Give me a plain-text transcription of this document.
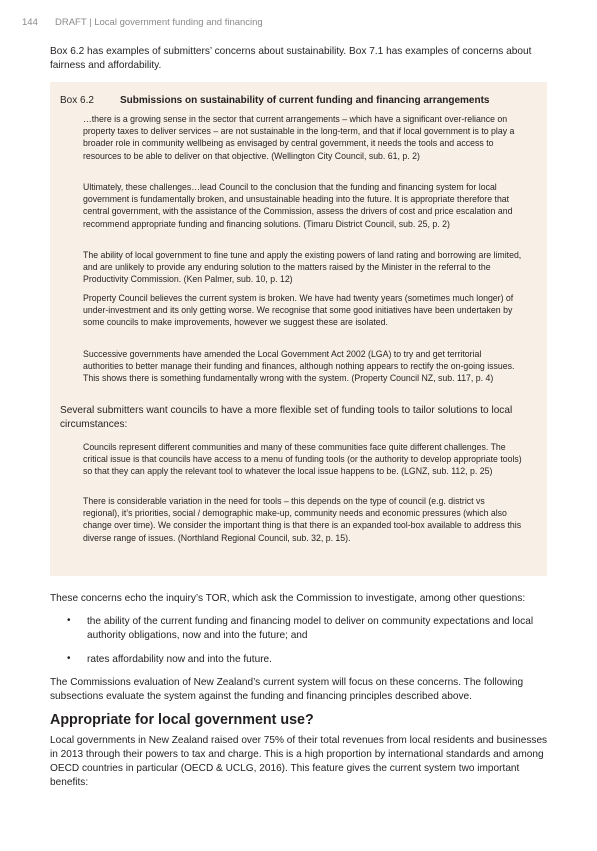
144 DRAFT | Local government funding and financing

Box 6.2 has examples of submitters’ concerns about sustainability. Box 7.1 has examples of concerns about fairness and affordability.

Box 6.2	Submissions on sustainability of current funding and financing arrangements

…there is a growing sense in the sector that current arrangements – which have a significant over-reliance on property taxes to deliver services – are not sustainable in the long-term, and that if local government is to play a broader role in community wellbeing as envisaged by central government, it needs the tools and access to resources to be able to deliver on that objective. (Wellington City Council, sub. 61, p. 2)

Ultimately, these challenges…lead Council to the conclusion that the funding and financing system for local government is fundamentally broken, and unsustainable heading into the future. It is appropriate therefore that central government, with the assistance of the Commission, assess the drivers of cost and price escalation and recommend appropriate funding and financing solutions. (Timaru District Council, sub. 25, p. 2)

The ability of local government to fine tune and apply the existing powers of land rating and borrowing are limited, and are unlikely to provide any enduring solution to the matters raised by the Minister in the referral to the Productivity Commission. (Ken Palmer, sub. 10, p. 12)

Property Council believes the current system is broken. We have had twenty years (sometimes much longer) of under-investment and its only getting worse. We recognise that some good initiatives have been undertaken by some councils to make improvements, however we suggest these are isolated.

Successive governments have amended the Local Government Act 2002 (LGA) to try and get territorial authorities to better manage their funding and finances, although nothing appears to rectify the on-going issues. This shows there is something fundamentally wrong with the system. (Property Council NZ, sub. 117, p. 4)

Several submitters want councils to have a more flexible set of funding tools to tailor solutions to local circumstances:

Councils represent different communities and many of these communities face quite different challenges. The critical issue is that councils have access to a menu of funding tools (or the authority to develop appropriate tools) so that they can apply the relevant tool to whatever the local issue happens to be. (LGNZ, sub. 112, p. 25)

There is considerable variation in the need for tools – this depends on the type of council (e.g. district vs regional), it’s priorities, social / demographic make-up, community needs and economic pressures (which also change over time). We consider the important thing is that there is an expanded tool-box available to address this diverse range of issues. (Northland Regional Council, sub. 32, p. 15).

These concerns echo the inquiry’s TOR, which ask the Commission to investigate, among other questions:

• the ability of the current funding and financing model to deliver on community expectations and local authority obligations, now and into the future; and

• rates affordability now and into the future.

The Commissions evaluation of New Zealand’s current system will focus on these concerns. The following subsections evaluate the system against the funding and financing principles described above.

Appropriate for local government use?

Local governments in New Zealand raised over 75% of their total revenues from local residents and businesses in 2013 through their powers to tax and charge. This is a high proportion by international standards and among OECD countries in particular (OECD & UCLG, 2016). This feature gives the current system two important benefits:
